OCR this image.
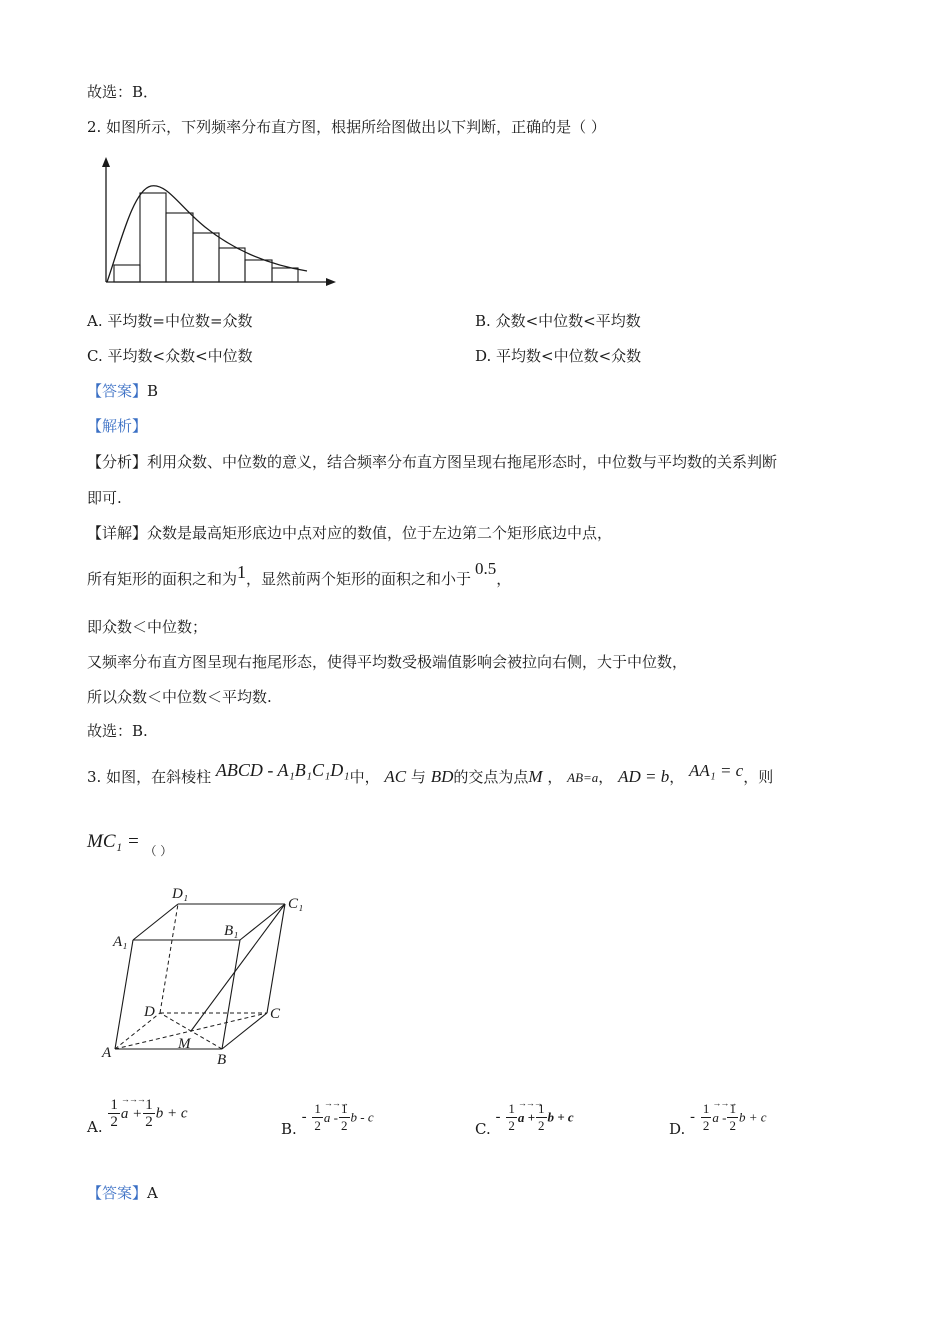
故选：B．
2. 如图所示，下列频率分布直方图，根据所给图做出以下判断，正确的是（ ）
A. 平均数=中位数=众数	B. 众数<中位数<平均数
C. 平均数<众数<中位数	D. 平均数<中位数<众数
【答案】B
【解析】
【分析】利用众数、中位数的意义，结合频率分布直方图呈现右拖尾形态时，中位数与平均数的关系判断
即可.
【详解】众数是最高矩形底边中点对应的数值，位于左边第二个矩形底边中点，
所有矩形的面积之和为1，显然前两个矩形的面积之和小于0.5，
即众数＜中位数；
又频率分布直方图呈现右拖尾形态，使得平均数受极端值影响会被拉向右侧，大于中位数，
所以众数＜中位数＜平均数.
故选：B.
3. 如图，在斜棱柱 ABCD - A₁B₁C₁D₁中， AC 与 BD的交点为点M ， AB=a， AD = b， AA₁ = c，则
MC₁ = $_{( )}$
D₁
C₁
A₁
B₁
D	C
A
M
B
A. $\frac{1}{2}$ →→→ $a + \frac{1}{2}$ b + c
B. - $\frac{1}{2}$ →→→ a - $\frac{1}{2}$ b - c
C. - $\frac{1}{2}$ →→→ $a + \frac{1}{2}$ b + c
D. - $\frac{1}{2}$ →→→ a - $\frac{1}{2}$ b + c
【答案】A
